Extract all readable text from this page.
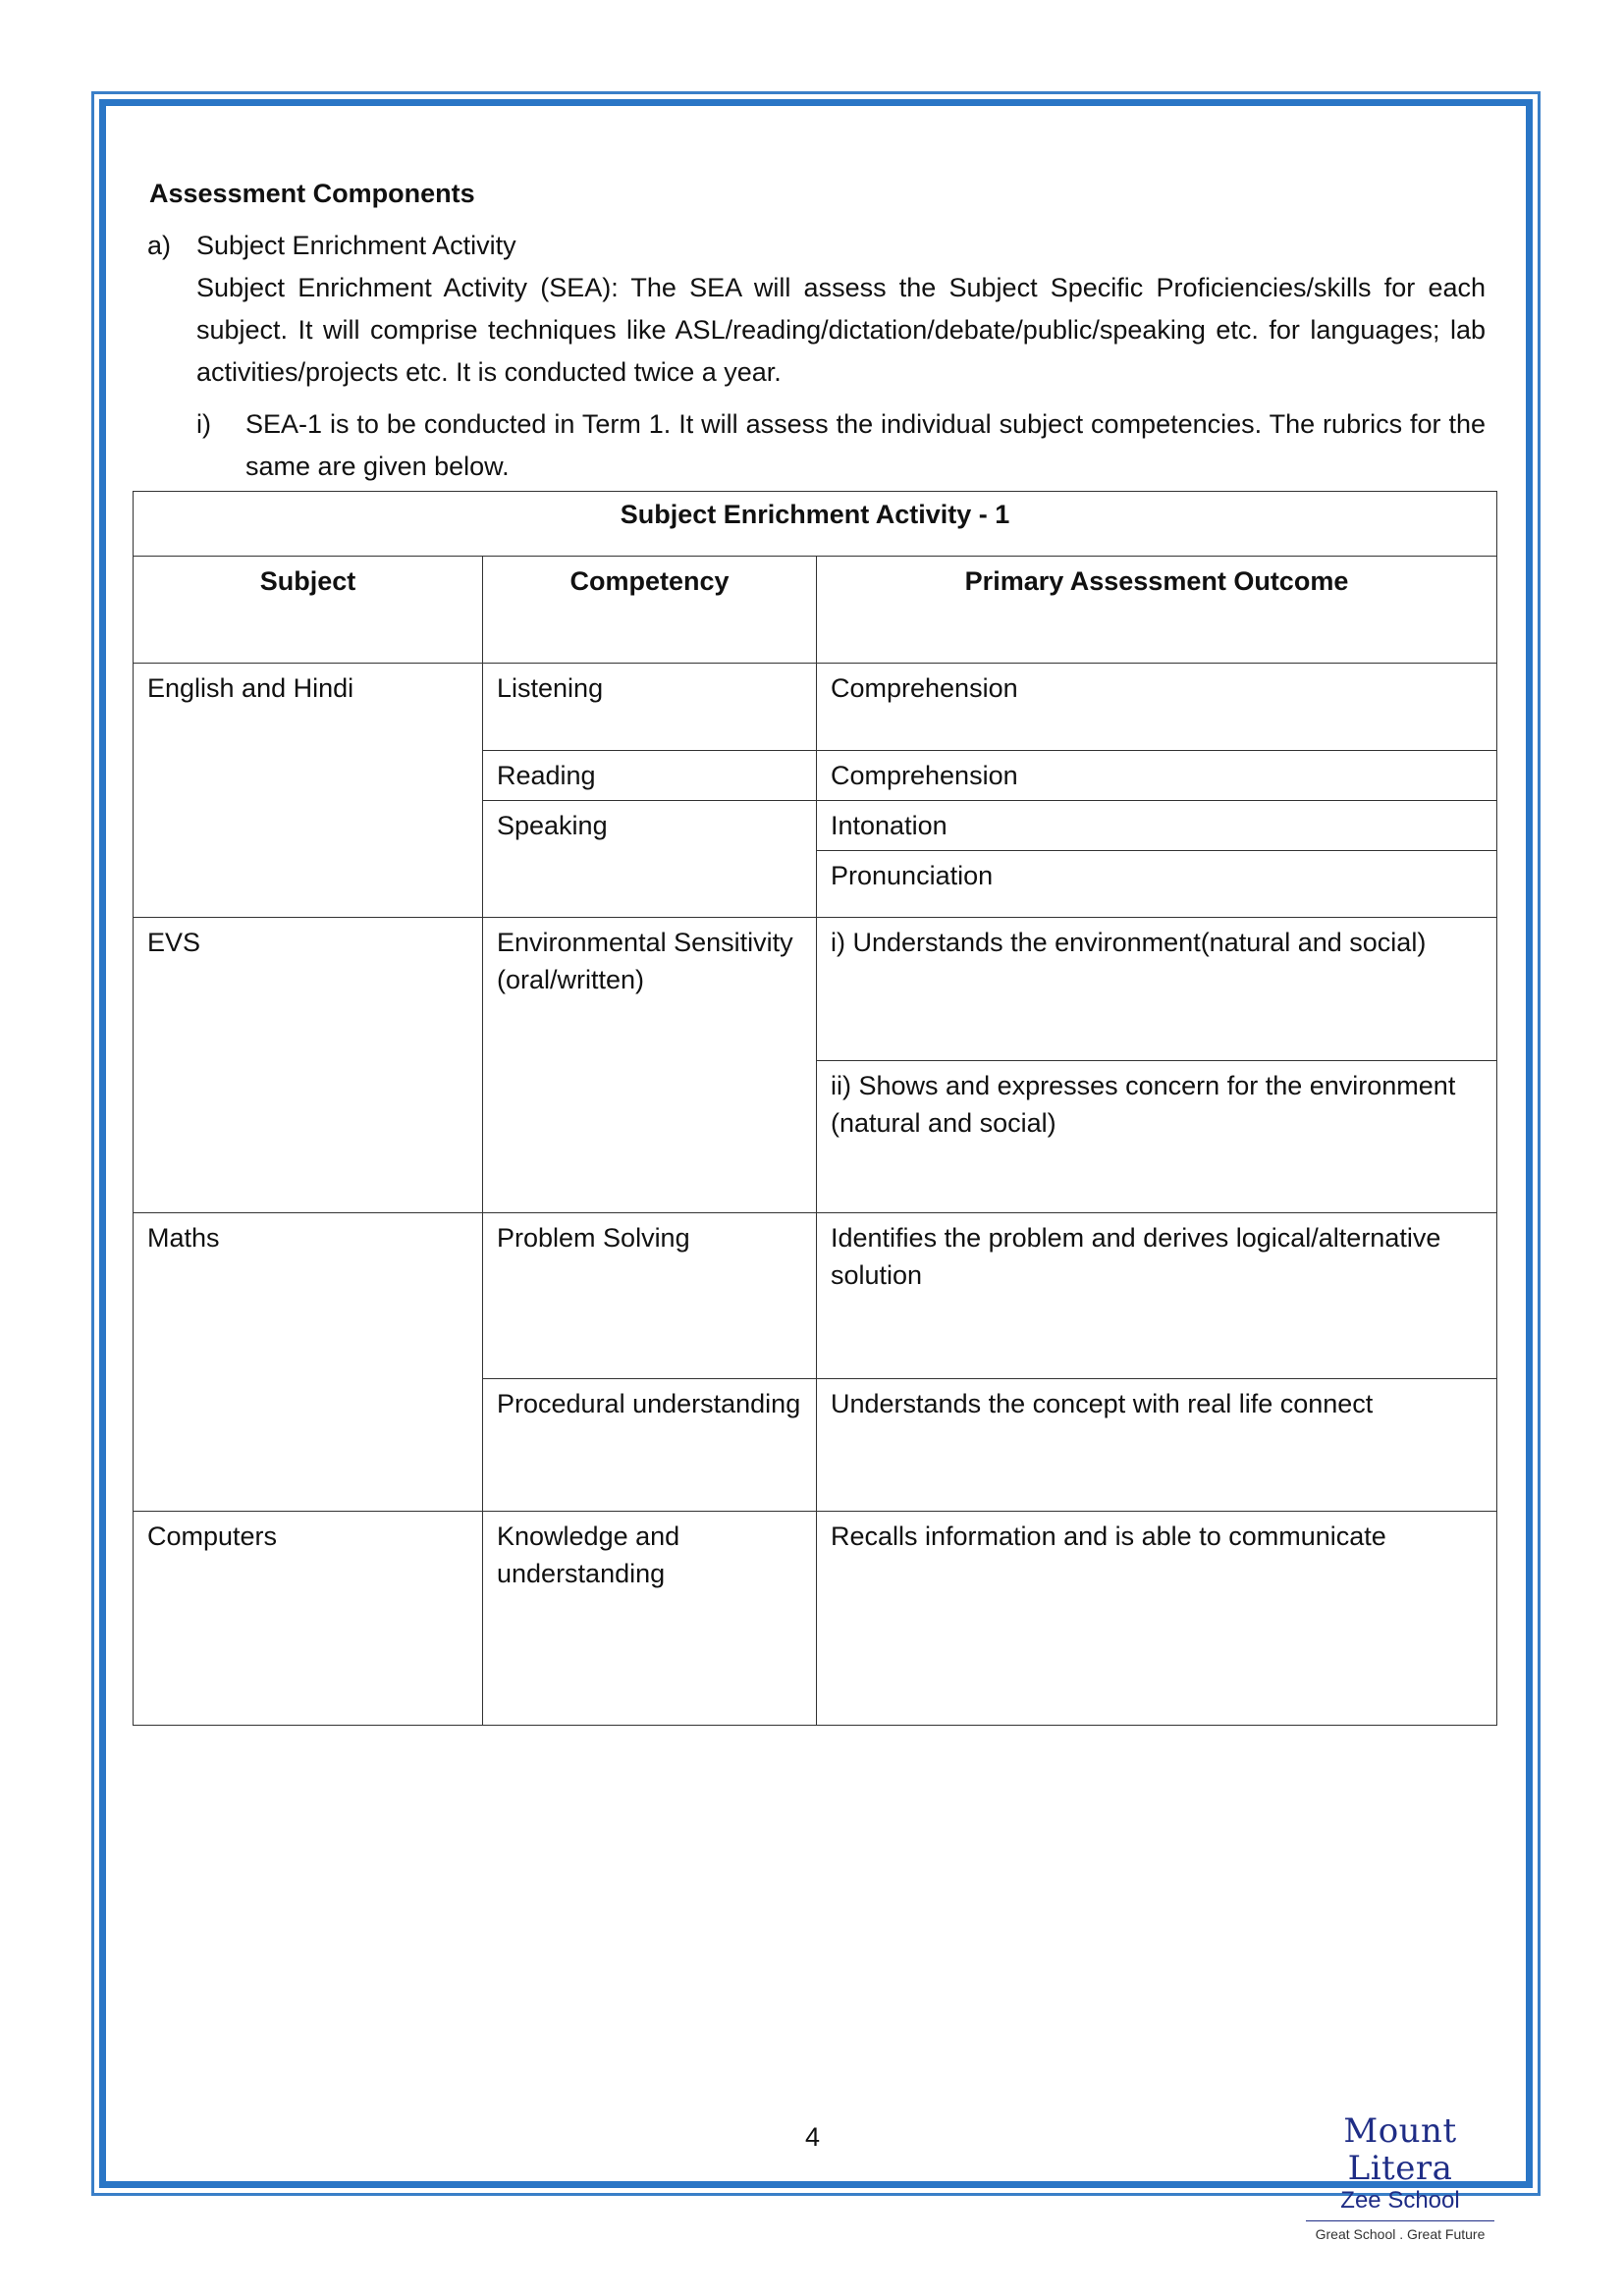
Assessment Components
a) Subject Enrichment Activity
Subject Enrichment Activity (SEA): The SEA will assess the Subject Specific Proficiencies/skills for each subject. It will comprise techniques like ASL/reading/dictation/debate/public/speaking etc. for languages; lab activities/projects etc. It is conducted twice a year.
i)	SEA-1 is to be conducted in Term 1. It will assess the individual subject competencies. The rubrics for the same are given below.
Subject Enrichment Activity - 1		
Subject	Competency	Primary Assessment Outcome
English and Hindi	Listening	Comprehension
	Reading	Comprehension
	Speaking	Intonation
		Pronunciation
EVS	Environmental Sensitivity (oral/written)	i) Understands the environment(natural and social)
		ii) Shows and expresses concern for the environment (natural and social)
Maths	Problem Solving	Identifies the problem and derives logical/alternative solution
	Procedural understanding	Understands the concept with real life connect
Computers	Knowledge and understanding	Recalls information and is able to communicate
4	Mount Litera
Zee School
Great School . Great Future
